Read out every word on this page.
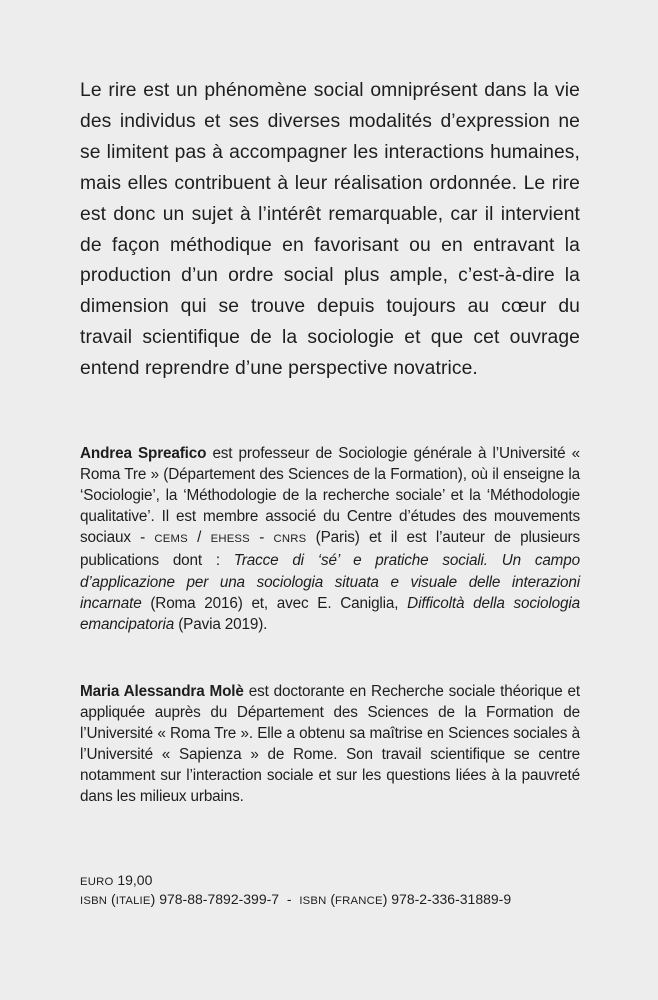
Le rire est un phénomène social omniprésent dans la vie des individus et ses diverses modalités d’expression ne se limitent pas à accompagner les interactions humaines, mais elles contribuent à leur réalisation ordonnée. Le rire est donc un sujet à l’intérêt remarquable, car il intervient de façon méthodique en favorisant ou en entravant la production d’un ordre social plus ample, c’est-à-dire la dimension qui se trouve depuis toujours au cœur du travail scientifique de la sociologie et que cet ouvrage entend reprendre d’une perspective novatrice.

Andrea Spreafico est professeur de Sociologie générale à l’Université « Roma Tre » (Département des Sciences de la Formation), où il enseigne la ‘Sociologie’, la ‘Méthodologie de la recherche sociale’ et la ‘Méthodologie qualitative’. Il est membre associé du Centre d’études des mouvements sociaux - CEMS / EHESS - CNRS (Paris) et il est l’auteur de plusieurs publications dont : Tracce di ‘sé’ e pratiche sociali. Un campo d’applicazione per una sociologia situata e visuale delle interazioni incarnate (Roma 2016) et, avec E. Caniglia, Difficoltà della sociologia emancipatoria (Pavia 2019).

Maria Alessandra Molè est doctorante en Recherche sociale théorique et appliquée auprès du Département des Sciences de la Formation de l’Université « Roma Tre ». Elle a obtenu sa maîtrise en Sciences sociales à l’Université « Sapienza » de Rome. Son travail scientifique se centre notamment sur l’interaction sociale et sur les questions liées à la pauvreté dans les milieux urbains.

EURO 19,00

ISBN (ITALIE) 978-88-7892-399-7  -  ISBN (FRANCE) 978-2-336-31889-9
